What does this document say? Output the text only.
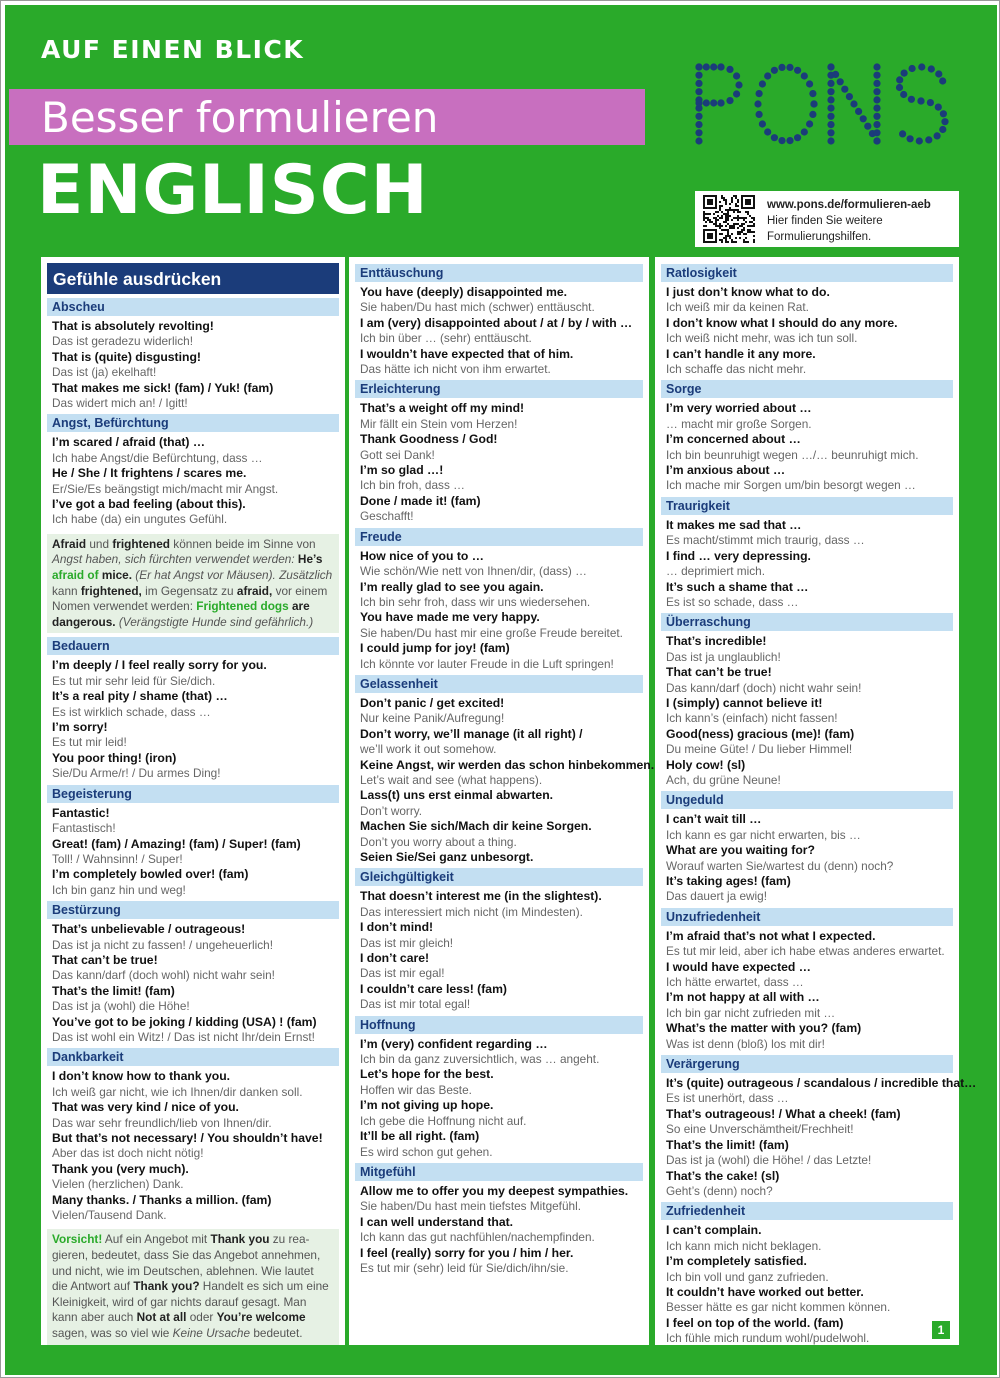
AUF EINEN BLICK
Besser formulieren
ENGLISCH	www.pons.de/formulieren-aeb
Hier finden Sie weitere
Formulierungshilfen.
Gefühle ausdrücken
Abscheu
That is absolutely revolting!
Das ist geradezu widerlich!
That is (quite) disgusting!
Das ist (ja) ekelhaft!
That makes me sick! (fam) / Yuk! (fam)
Das widert mich an! / Igitt!
Angst, Befürchtung
I’m scared / afraid (that) …
Ich habe Angst/die Befürchtung, dass …
He / She / It frightens / scares me.
Er/Sie/Es beängstigt mich/macht mir Angst.
I’ve got a bad feeling (about this).
Ich habe (da) ein ungutes Gefühl.
Afraid und frightened können beide im Sinne von
Angst haben, sich fürchten verwendet werden: He’s
afraid of mice. (Er hat Angst vor Mäusen). Zusätzlich
kann frightened, im Gegensatz zu afraid, vor einem
Nomen verwendet werden: Frightened dogs are
dangerous. (Verängstigte Hunde sind gefährlich.)
Bedauern
I’m deeply / I feel really sorry for you.
Es tut mir sehr leid für Sie/dich.
It’s a real pity / shame (that) …
Es ist wirklich schade, dass …
I’m sorry!
Es tut mir leid!
You poor thing! (iron)
Sie/Du Arme/r! / Du armes Ding!
Begeisterung
Fantastic!
Fantastisch!
Great! (fam) / Amazing! (fam) / Super! (fam)
Toll! / Wahnsinn! / Super!
I’m completely bowled over! (fam)
Ich bin ganz hin und weg!
Bestürzung
That’s unbelievable / outrageous!
Das ist ja nicht zu fassen! / ungeheuerlich!
That can’t be true!
Das kann/darf (doch wohl) nicht wahr sein!
That’s the limit! (fam)
Das ist ja (wohl) die Höhe!
You’ve got to be joking / kidding (USA) ! (fam)
Das ist wohl ein Witz! / Das ist nicht Ihr/dein Ernst!
Dankbarkeit
I don’t know how to thank you.
Ich weiß gar nicht, wie ich Ihnen/dir danken soll.
That was very kind / nice of you.
Das war sehr freundlich/lieb von Ihnen/dir.
But that’s not necessary! / You shouldn’t have!
Aber das ist doch nicht nötig!
Thank you (very much).
Vielen (herzlichen) Dank.
Many thanks. / Thanks a million. (fam)
Vielen/Tausend Dank.
Vorsicht! Auf ein Angebot mit Thank you zu rea-
gieren, bedeutet, dass Sie das Angebot annehmen,
und nicht, wie im Deutschen, ablehnen. Wie lautet
die Antwort auf Thank you? Handelt es sich um eine
Kleinigkeit, wird of gar nichts darauf gesagt. Man
kann aber auch Not at all oder You’re welcome
sagen, was so viel wie Keine Ursache bedeutet.
Enttäuschung
You have (deeply) disappointed me.
Sie haben/Du hast mich (schwer) enttäuscht.
I am (very) disappointed about / at / by / with …
Ich bin über … (sehr) enttäuscht.
I wouldn’t have expected that of him.
Das hätte ich nicht von ihm erwartet.
Erleichterung
That’s a weight off my mind!
Mir fällt ein Stein vom Herzen!
Thank Goodness / God!
Gott sei Dank!
I’m so glad …!
Ich bin froh, dass …
Done / made it! (fam)
Geschafft!
Freude
How nice of you to …
Wie schön/Wie nett von Ihnen/dir, (dass) …
I’m really glad to see you again.
Ich bin sehr froh, dass wir uns wiedersehen.
You have made me very happy.
Sie haben/Du hast mir eine große Freude bereitet.
I could jump for joy! (fam)
Ich könnte vor lauter Freude in die Luft springen!
Gelassenheit
Don’t panic / get excited!
Nur keine Panik/Aufregung!
Don’t worry, we’ll manage (it all right) /
we’ll work it out somehow.
Keine Angst, wir werden das schon hinbekommen.
Let’s wait and see (what happens).
Lass(t) uns erst einmal abwarten.
Don’t worry.
Machen Sie sich/Mach dir keine Sorgen.
Don’t you worry about a thing.
Seien Sie/Sei ganz unbesorgt.
Gleichgültigkeit
That doesn’t interest me (in the slightest).
Das interessiert mich nicht (im Mindesten).
I don’t mind!
Das ist mir gleich!
I don’t care!
Das ist mir egal!
I couldn’t care less! (fam)
Das ist mir total egal!
Hoffnung
I’m (very) confident regarding …
Ich bin da ganz zuversichtlich, was … angeht.
Let’s hope for the best.
Hoffen wir das Beste.
I’m not giving up hope.
Ich gebe die Hoffnung nicht auf.
It’ll be all right. (fam)
Es wird schon gut gehen.
Mitgefühl
Allow me to offer you my deepest sympathies.
Sie haben/Du hast mein tiefstes Mitgefühl.
I can well understand that.
Ich kann das gut nachfühlen/nachempfinden.
I feel (really) sorry for you / him / her.
Es tut mir (sehr) leid für Sie/dich/ihn/sie.
Ratlosigkeit
I just don’t know what to do.
Ich weiß mir da keinen Rat.
I don’t know what I should do any more.
Ich weiß nicht mehr, was ich tun soll.
I can’t handle it any more.
Ich schaffe das nicht mehr.
Sorge
I’m very worried about …
… macht mir große Sorgen.
I’m concerned about …
Ich bin beunruhigt wegen …/… beunruhigt mich.
I’m anxious about …
Ich mache mir Sorgen um/bin besorgt wegen …
Traurigkeit
It makes me sad that …
Es macht/stimmt mich traurig, dass …
I find … very depressing.
… deprimiert mich.
It’s such a shame that …
Es ist so schade, dass …
Überraschung
That’s incredible!
Das ist ja unglaublich!
That can’t be true!
Das kann/darf (doch) nicht wahr sein!
I (simply) cannot believe it!
Ich kann’s (einfach) nicht fassen!
Good(ness) gracious (me)! (fam)
Du meine Güte! / Du lieber Himmel!
Holy cow! (sl)
Ach, du grüne Neune!
Ungeduld
I can’t wait till …
Ich kann es gar nicht erwarten, bis …
What are you waiting for?
Worauf warten Sie/wartest du (denn) noch?
It’s taking ages! (fam)
Das dauert ja ewig!
Unzufriedenheit
I’m afraid that’s not what I expected.
Es tut mir leid, aber ich habe etwas anderes erwartet.
I would have expected …
Ich hätte erwartet, dass …
I’m not happy at all with …
Ich bin gar nicht zufrieden mit …
What’s the matter with you? (fam)
Was ist denn (bloß) los mit dir!
Verärgerung
It’s (quite) outrageous / scandalous / incredible that…
Es ist unerhört, dass …
That’s outrageous! / What a cheek! (fam)
So eine Unverschämtheit/Frechheit!
That’s the limit! (fam)
Das ist ja (wohl) die Höhe! / das Letzte!
That’s the cake! (sl)
Geht’s (denn) noch?
Zufriedenheit
I can’t complain.
Ich kann mich nicht beklagen.
I’m completely satisfied.
Ich bin voll und ganz zufrieden.
It couldn’t have worked out better.
Besser hätte es gar nicht kommen können.
I feel on top of the world. (fam)
Ich fühle mich rundum wohl/pudelwohl.
1
